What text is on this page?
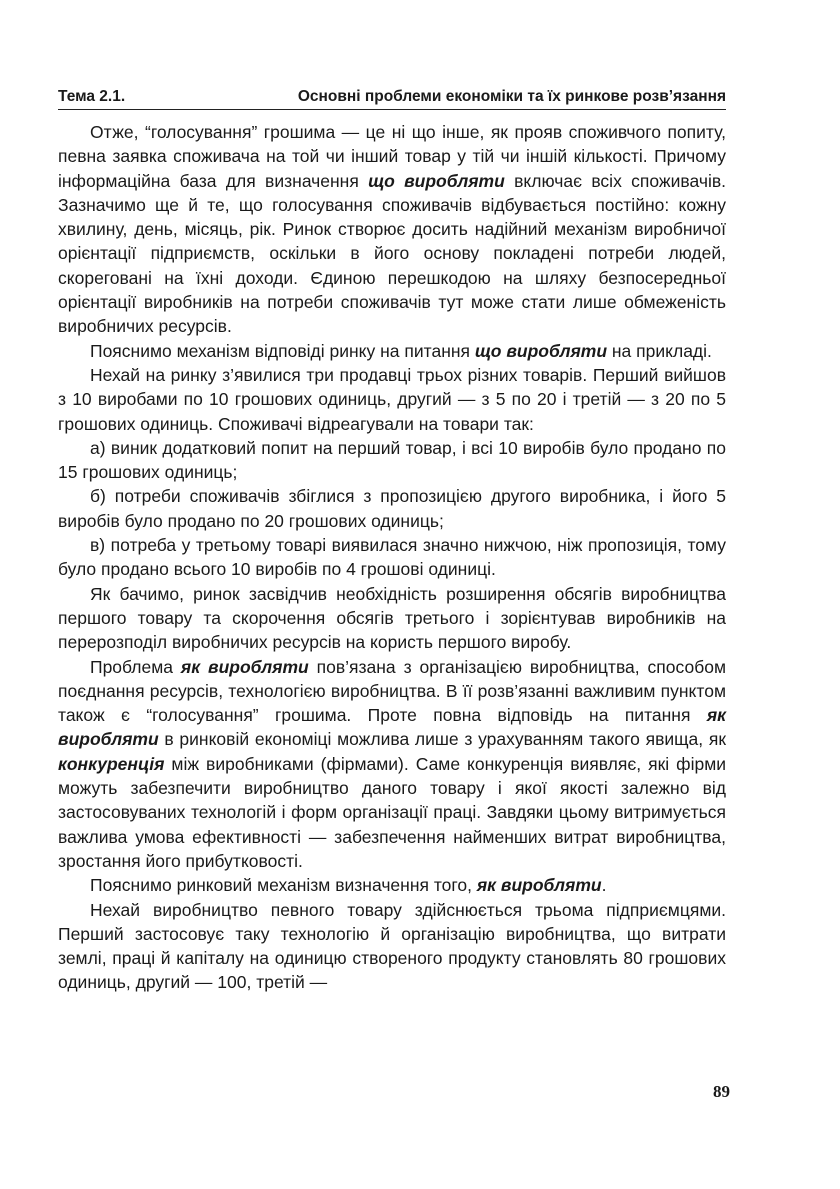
Тема 2.1.	Основні проблеми економіки та їх ринкове розв’язання

Отже, “голосування” грошима — це ні що інше, як прояв споживчого попиту, певна заявка споживача на той чи інший товар у тій чи іншій кількості. Причому інформаційна база для визначення що виробляти включає всіх споживачів. Зазначимо ще й те, що голосування споживачів відбувається постійно: кожну хвилину, день, місяць, рік. Ринок створює досить надійний механізм виробничої орієнтації підприємств, оскільки в його основу покладені потреби людей, скореговані на їхні доходи. Єдиною перешкодою на шляху безпосередньої орієнтації виробників на потреби споживачів тут може стати лише обмеженість виробничих ресурсів.

Пояснимо механізм відповіді ринку на питання що виробляти на прикладі.

Нехай на ринку з’явилися три продавці трьох різних товарів. Перший вийшов з 10 виробами по 10 грошових одиниць, другий — з 5 по 20 і третій — з 20 по 5 грошових одиниць. Споживачі відреагували на товари так:

а) виник додатковий попит на перший товар, і всі 10 виробів було продано по 15 грошових одиниць;

б) потреби споживачів збіглися з пропозицією другого виробника, і його 5 виробів було продано по 20 грошових одиниць;

в) потреба у третьому товарі виявилася значно нижчою, ніж пропозиція, тому було продано всього 10 виробів по 4 грошові одиниці.

Як бачимо, ринок засвідчив необхідність розширення обсягів виробництва першого товару та скорочення обсягів третього і зорієнтував виробників на перерозподіл виробничих ресурсів на користь першого виробу.

Проблема як виробляти пов’язана з організацією виробництва, способом поєднання ресурсів, технологією виробництва. В її розв’язанні важливим пунктом також є “голосування” грошима. Проте повна відповідь на питання як виробляти в ринковій економіці можлива лише з урахуванням такого явища, як конкуренція між виробниками (фірмами). Саме конкуренція виявляє, які фірми можуть забезпечити виробництво даного товару і якої якості залежно від застосовуваних технологій і форм організації праці. Завдяки цьому витримується важлива умова ефективності — забезпечення найменших витрат виробництва, зростання його прибутковості.

Пояснимо ринковий механізм визначення того, як виробляти.

Нехай виробництво певного товару здійснюється трьома підприємцями. Перший застосовує таку технологію й організацію виробництва, що витрати землі, праці й капіталу на одиницю створеного продукту становлять 80 грошових одиниць, другий — 100, третій —

89
